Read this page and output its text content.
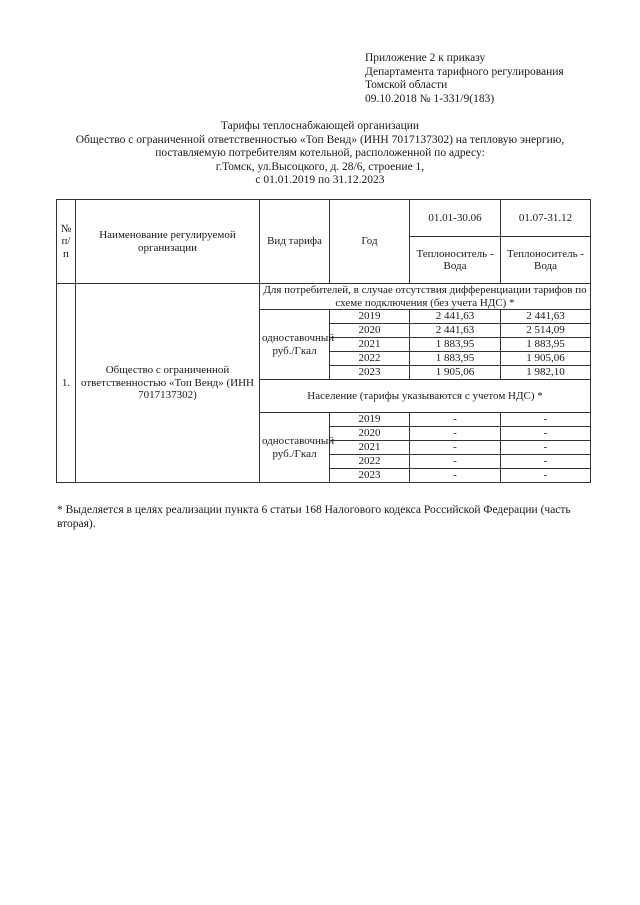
Приложение 2 к приказу
Департамента тарифного регулирования
Томской области
09.10.2018 № 1-331/9(183)
Тарифы теплоснабжающей организации
Общество с ограниченной ответственностью «Топ Венд» (ИНН 7017137302) на тепловую энергию,
поставляемую потребителям котельной, расположенной по адресу:
г.Томск, ул.Высоцкого, д. 28/6, строение 1,
с 01.01.2019 по 31.12.2023
№ п/п	Наименование регулируемой организации	Вид тарифа	Год	01.01-30.06	01.07-31.12
				Теплоноситель - Вода	Теплоноситель - Вода
1.	Общество с ограниченной ответственностью «Топ Венд» (ИНН 7017137302)	Для потребителей, в случае отсутствия дифференциации тарифов по схеме подключения (без учета НДС) *			
		одноставочный руб./Гкал	2019	2 441,63	2 441,63
			2020	2 441,63	2 514,09
			2021	1 883,95	1 883,95
			2022	1 883,95	1 905,06
			2023	1 905,06	1 982,10
		Население (тарифы указываются с учетом НДС) *			
		одноставочный руб./Гкал	2019	-	-
			2020	-	-
			2021	-	-
			2022	-	-
			2023	-	-
* Выделяется в целях реализации пункта 6 статьи 168 Налогового кодекса Российской Федерации (часть вторая).
